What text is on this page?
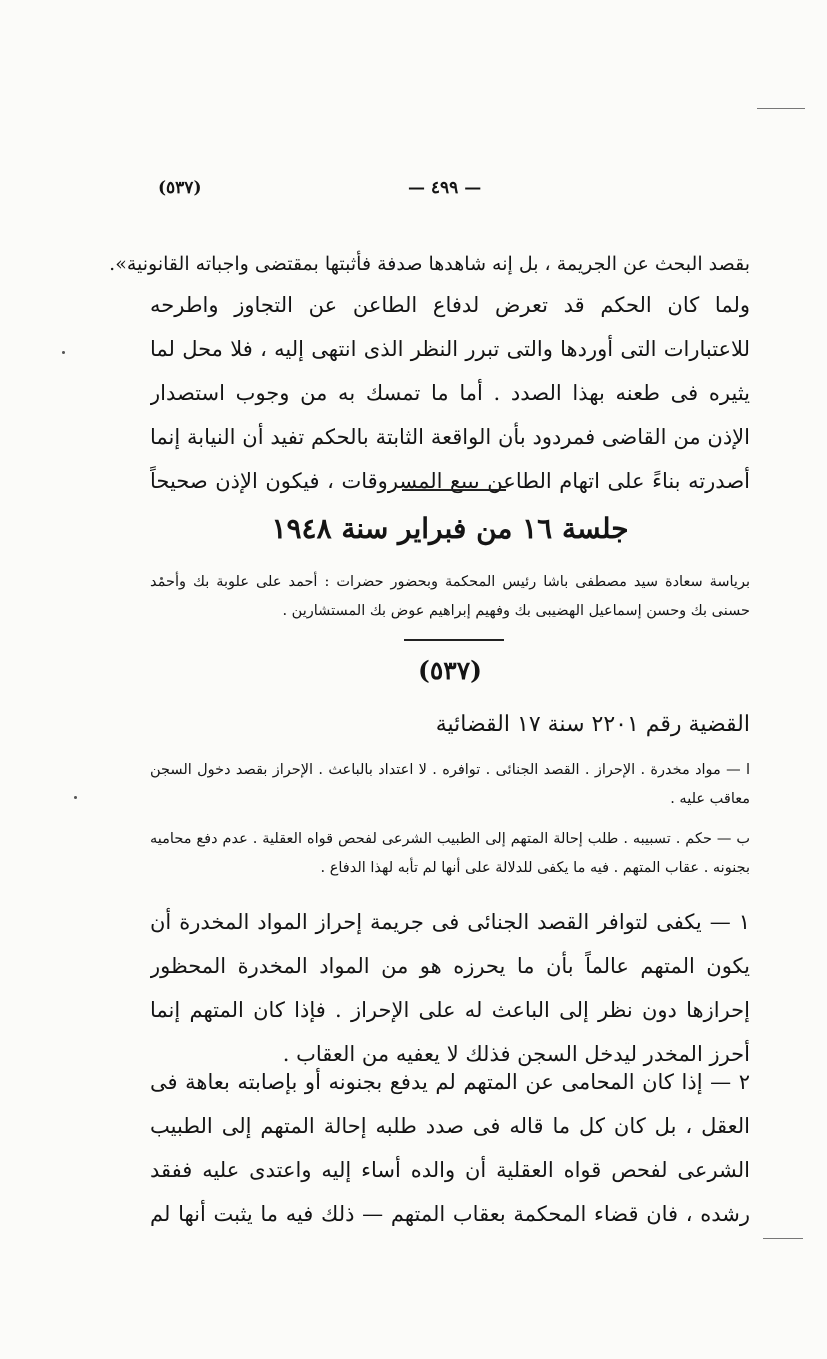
(٥٣٧)	— ٤٩٩ —
بقصد البحث عن الجريمة ، بل إنه شاهدها صدفة فأثبتها بمقتضى واجباته القانونية».
ولما كان الحكم قد تعرض لدفاع الطاعن عن التجاوز واطرحه للاعتبارات التى أوردها والتى تبرر النظر الذى انتهى إليه ، فلا محل لما يثيره فى طعنه بهذا الصدد . أما ما تمسك به من وجوب استصدار الإذن من القاضى فمردود بأن الواقعة الثابتة بالحكم تفيد أن النيابة إنما أصدرته بناءً على اتهام الطاعن ببيع المسروقات ، فيكون الإذن صحيحاً
جلسة ١٦ من فبراير سنة ١٩٤٨
برياسة سعادة سيد مصطفى باشا رئيس المحكمة وبحضور حضرات : أحمد على علوبة بك وأحمد حسنى بك وحسن إسماعيل الهضيبى بك وفهيم إبراهيم عوض بك المستشارين .
(٥٣٧)
القضية رقم ٢٢٠١ سنة ١٧ القضائية
ا — مواد مخدرة . الإحراز . القصد الجنائى . توافره . لا اعتداد بالباعث . الإحراز بقصد دخول السجن معاقب عليه .
ب — حكم . تسبيبه . طلب إحالة المتهم إلى الطبيب الشرعى لفحص قواه العقلية . عدم دفع محاميه بجنونه . عقاب المتهم . فيه ما يكفى للدلالة على أنها لم تأبه لهذا الدفاع .
١ — يكفى لتوافر القصد الجنائى فى جريمة إحراز المواد المخدرة أن يكون المتهم عالماً بأن ما يحرزه هو من المواد المخدرة المحظور إحرازها دون نظر إلى الباعث له على الإحراز . فإذا كان المتهم إنما أحرز المخدر ليدخل السجن فذلك لا يعفيه من العقاب .
٢ — إذا كان المحامى عن المتهم لم يدفع بجنونه أو بإصابته بعاهة فى العقل ، بل كان كل ما قاله فى صدد طلبه إحالة المتهم إلى الطبيب الشرعى لفحص قواه العقلية أن والده أساء إليه واعتدى عليه ففقد رشده ، فان قضاء المحكمة بعقاب المتهم — ذلك فيه ما يثبت أنها لم
